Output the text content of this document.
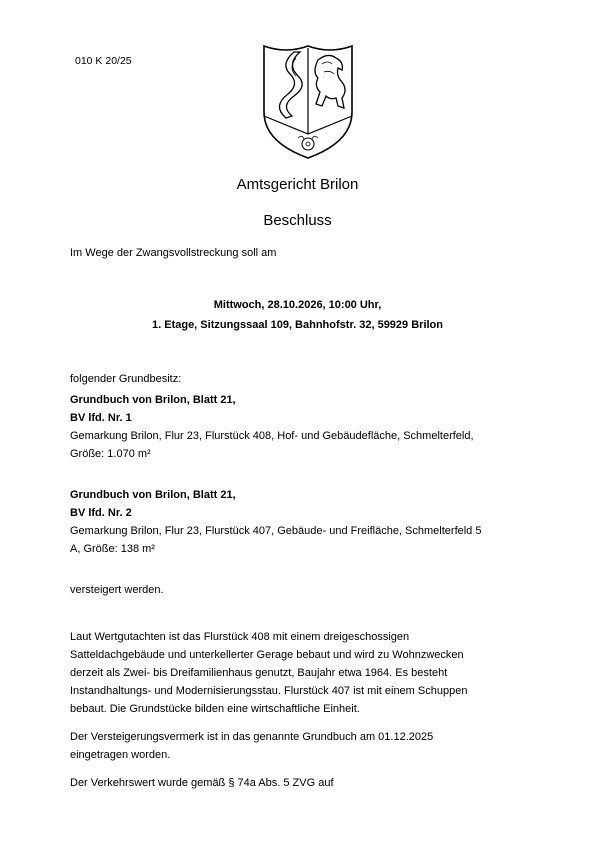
010 K 20/25
Amtsgericht Brilon
Beschluss
Im Wege der Zwangsvollstreckung soll am
Mittwoch, 28.10.2026, 10:00 Uhr,
1. Etage, Sitzungssaal 109, Bahnhofstr. 32, 59929 Brilon
folgender Grundbesitz:

Grundbuch von Brilon, Blatt 21,

BV lfd. Nr. 1

Gemarkung Brilon, Flur 23, Flurstück 408, Hof- und Gebäudefläche, Schmelterfeld,

Größe: 1.070 m²

Grundbuch von Brilon, Blatt 21,

BV lfd. Nr. 2

Gemarkung Brilon, Flur 23, Flurstück 407, Gebäude- und Freifläche, Schmelterfeld 5

A, Größe: 138 m²

versteigert werden.

Laut Wertgutachten ist das Flurstück 408 mit einem dreigeschossigen

Satteldachgebäude und unterkellerter Gerage bebaut und wird zu Wohnzwecken

derzeit als Zwei- bis Dreifamilienhaus genutzt, Baujahr etwa 1964. Es besteht

Instandhaltungs- und Modernisierungsstau. Flurstück 407 ist mit einem Schuppen

bebaut. Die Grundstücke bilden eine wirtschaftliche Einheit.

Der Versteigerungsvermerk ist in das genannte Grundbuch am 01.12.2025

eingetragen worden.

Der Verkehrswert wurde gemäß § 74a Abs. 5 ZVG auf
